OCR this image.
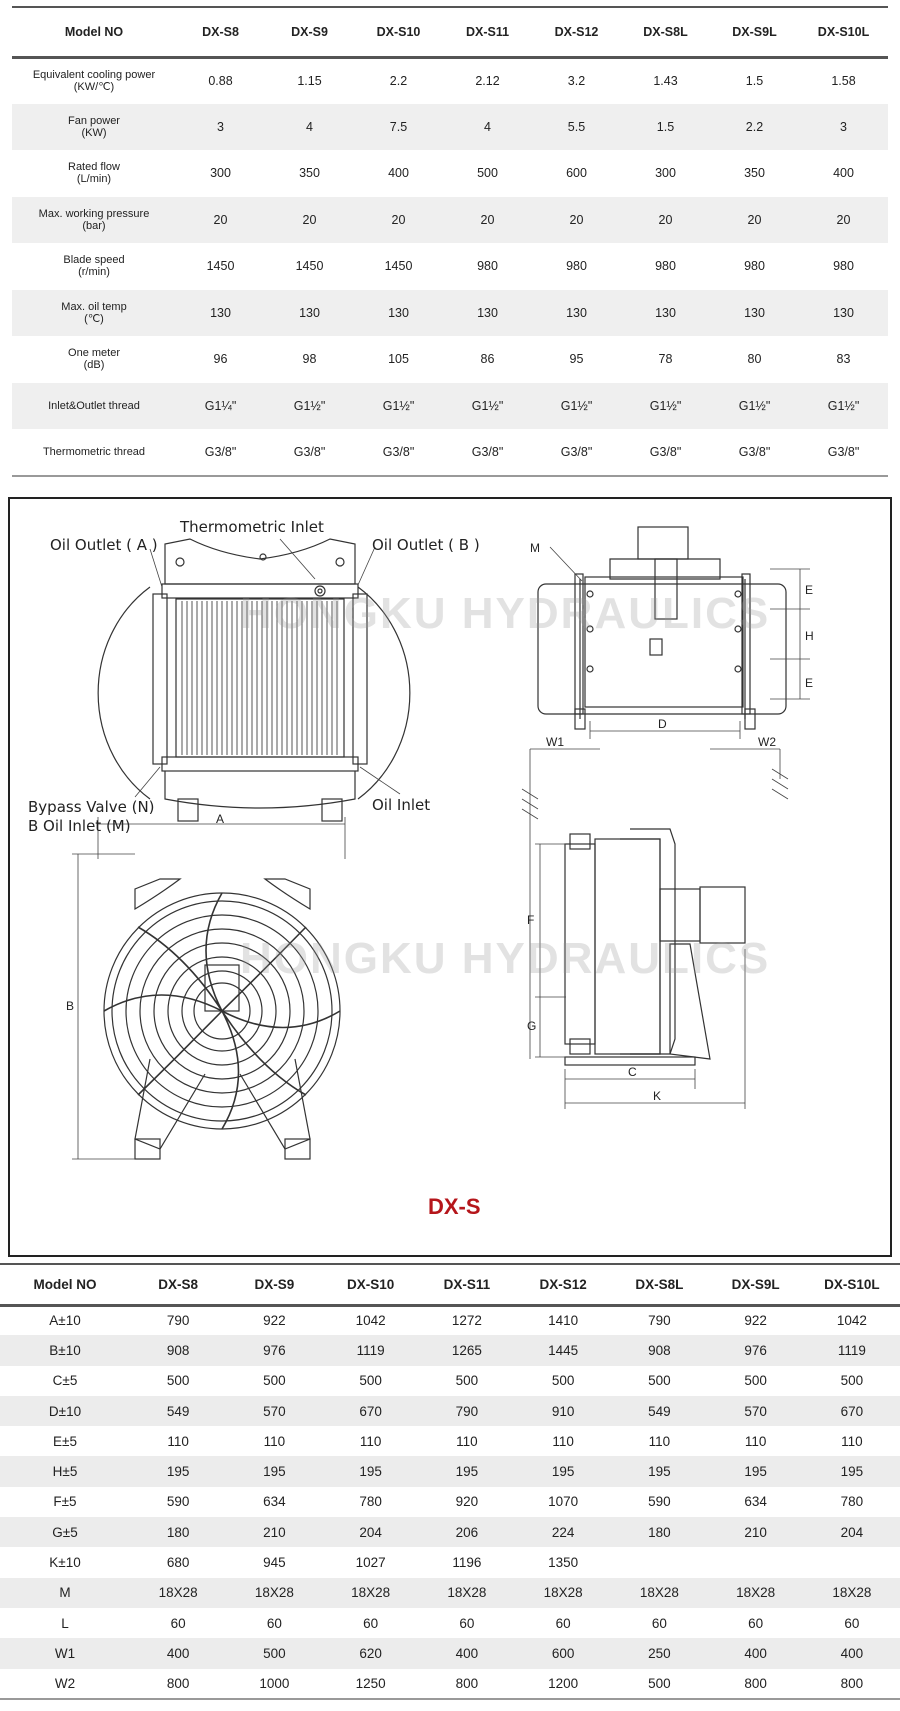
Model NO	DX-S8	DX-S9	DX-S10	DX-S11	DX-S12	DX-S8L	DX-S9L	DX-S10L

Equivalent cooling power
(KW/℃)	0.88	1.15	2.2	2.12	3.2	1.43	1.5	1.58

Fan power
(KW)	3	4	7.5	4	5.5	1.5	2.2	3

Rated flow
(L/min)	300	350	400	500	600	300	350	400

Max. working pressure
(bar)	20	20	20	20	20	20	20	20

Blade speed
(r/min)	1450	1450	1450	980	980	980	980	980

Max. oil temp
(℃)	130	130	130	130	130	130	130	130

One meter
(dB)	96	98	105	86	95	78	80	83

Inlet&Outlet thread	G1¼"	G1½"	G1½"	G1½"	G1½"	G1½"	G1½"	G1½"

Thermometric thread	G3/8"	G3/8"	G3/8"	G3/8"	G3/8"	G3/8"	G3/8"	G3/8"
HONGKU HYDRAULICS
HONGKU HYDRAULICS
Thermometric Inlet
Oil Outlet ( A )	Oil Outlet ( B )
Bypass Valve (N)
B Oil Inlet (M)
Oil Inlet
M
E
H
E
D
W1	W2
A
B
F
G
C
K
DX-S
Model NO	DX-S8	DX-S9	DX-S10	DX-S11	DX-S12	DX-S8L	DX-S9L	DX-S10L
A±10	790	922	1042	1272	1410	790	922	1042
B±10	908	976	1119	1265	1445	908	976	1119
C±5	500	500	500	500	500	500	500	500
D±10	549	570	670	790	910	549	570	670
E±5	110	110	110	110	110	110	110	110
H±5	195	195	195	195	195	195	195	195
F±5	590	634	780	920	1070	590	634	780
G±5	180	210	204	206	224	180	210	204
K±10	680	945	1027	1196	1350			
M	18X28	18X28	18X28	18X28	18X28	18X28	18X28	18X28
L	60	60	60	60	60	60	60	60
W1	400	500	620	400	600	250	400	400
W2	800	1000	1250	800	1200	500	800	800
